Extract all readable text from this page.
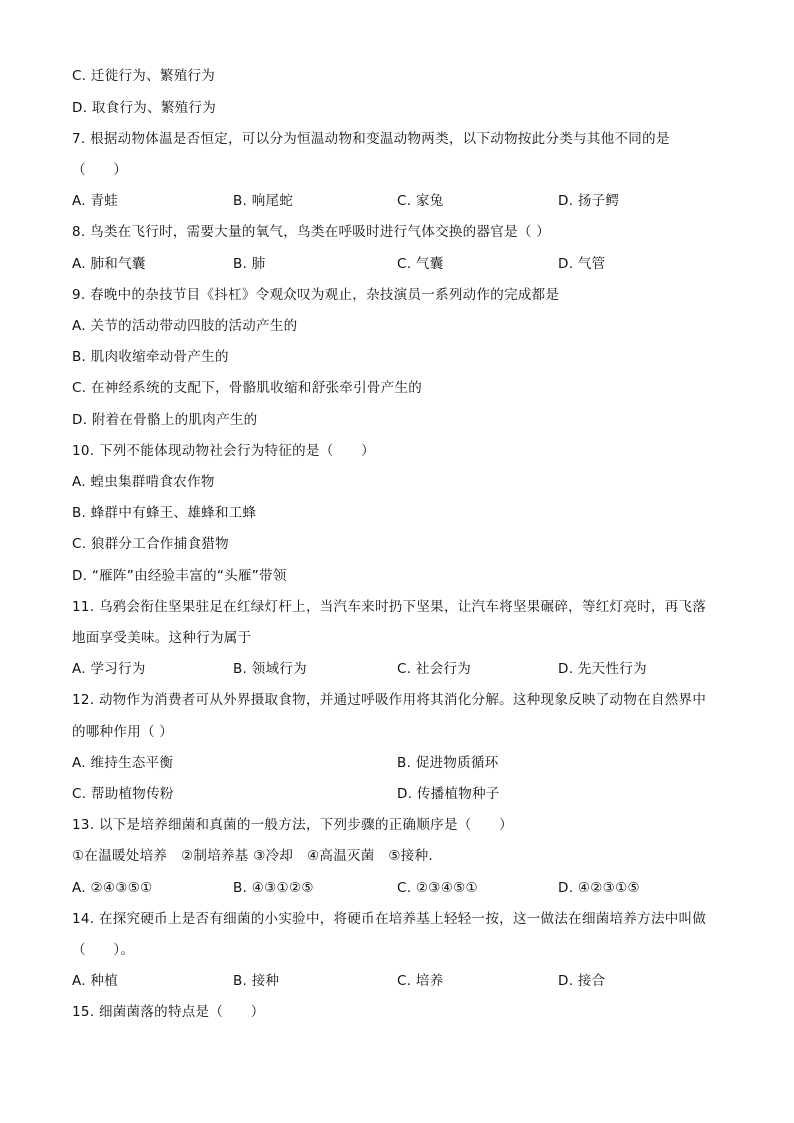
C. 迁徙行为、繁殖行为
D. 取食行为、繁殖行为
7. 根据动物体温是否恒定，可以分为恒温动物和变温动物两类，以下动物按此分类与其他不同的是
（　　）
A. 青蛙	B. 响尾蛇	C. 家兔	D. 扬子鳄
8. 鸟类在飞行时，需要大量的氧气，鸟类在呼吸时进行气体交换的器官是（ ）
A. 肺和气囊	B. 肺	C. 气囊	D. 气管
9. 春晚中的杂技节目《抖杠》令观众叹为观止，杂技演员一系列动作的完成都是
A. 关节的活动带动四肢的活动产生的
B. 肌肉收缩牵动骨产生的
C. 在神经系统的支配下，骨骼肌收缩和舒张牵引骨产生的
D. 附着在骨骼上的肌肉产生的
10. 下列不能体现动物社会行为特征的是（　　）
A. 蝗虫集群啃食农作物
B. 蜂群中有蜂王、雄蜂和工蜂
C. 狼群分工合作捕食猎物
D. “雁阵”由经验丰富的“头雁”带领
11. 乌鸦会衔住坚果驻足在红绿灯杆上，当汽车来时扔下坚果，让汽车将坚果碾碎，等红灯亮时，再飞落
地面享受美味。这种行为属于
A. 学习行为	B. 领域行为	C. 社会行为	D. 先天性行为
12. 动物作为消费者可从外界摄取食物，并通过呼吸作用将其消化分解。这种现象反映了动物在自然界中
的哪种作用（ ）
A. 维持生态平衡	B. 促进物质循环
C. 帮助植物传粉	D. 传播植物种子
13. 以下是培养细菌和真菌的一般方法，下列步骤的正确顺序是（　　）
①在温暖处培养　②制培养基 ③冷却　④高温灭菌　⑤接种.
A. ②④③⑤①	B. ④③①②⑤	C. ②③④⑤①	D. ④②③①⑤
14. 在探究硬币上是否有细菌的小实验中，将硬币在培养基上轻轻一按，这一做法在细菌培养方法中叫做
（　　）。
A. 种植	B. 接种	C. 培养	D. 接合
15. 细菌菌落的特点是（　　）
